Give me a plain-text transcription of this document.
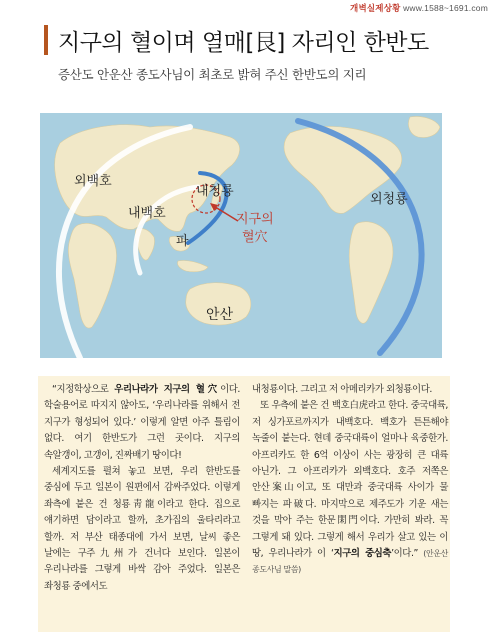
개벽실제상황 www.1588~1691.com
지구의 혈이며 열매[艮] 자리인 한반도
증산도 안운산 종도사님이 최초로 밝혀 주신 한반도의 지리
외백호
내백호
내청룡
외청룡
파
안산
지구의
혈穴

“지정학상으로 우리나라가 지구의 혈穴이다. 학술용어로 따지지 않아도, ‘우리나라를 위해서 전 지구가 형성되어 있다.’ 이렇게 알면 아주 틀림이 없다. 여기 한반도가 그런 곳이다. 지구의 속알갱이, 고갱이, 진짜배기 땅이다!

세계지도를 펼쳐 놓고 보면, 우리 한반도를 중심에 두고 일본이 원편에서 감싸주었다. 이렇게 좌측에 붙은 건 청룡靑龍이라고 한다. 집으로 얘기하면 담이라고 할까, 초가집의 울타리라고 할까. 저 부산 태종대에 가서 보면, 날씨 좋은 날에는 구주九州가 건너다 보인다. 일본이 우리나라를 그렇게 바싹 감아 주었다. 일본은 좌청룡 중에서도

내청룡이다. 그리고 저 아메리카가 외청룡이다.

또 우측에 붙은 건 백호白虎라고 한다. 중국대륙, 저 싱가포르까지가 내백호다. 백호가 튼튼해야 녹줄이 붙는다. 현데 중국대륙이 얼마나 육중한가. 아프리카도 한 6억 이상이 사는 광장히 큰 대륙 아닌가. 그 아프리카가 외백호다. 호주 저쪽은 안산案山이고, 또 대만과 중국대륙 사이가 물 빠지는 파破다. 마지막으로 제주도가 기운 새는 것을 막아 주는 한문閑門이다. 가만히 봐라. 꼭 그렇게 돼 있다. 그렇게 해서 우리가 살고 있는 이 땅, 우리나라가 이 ‘지구의 중심축’이다.” (안운산 종도사님 말씀)
